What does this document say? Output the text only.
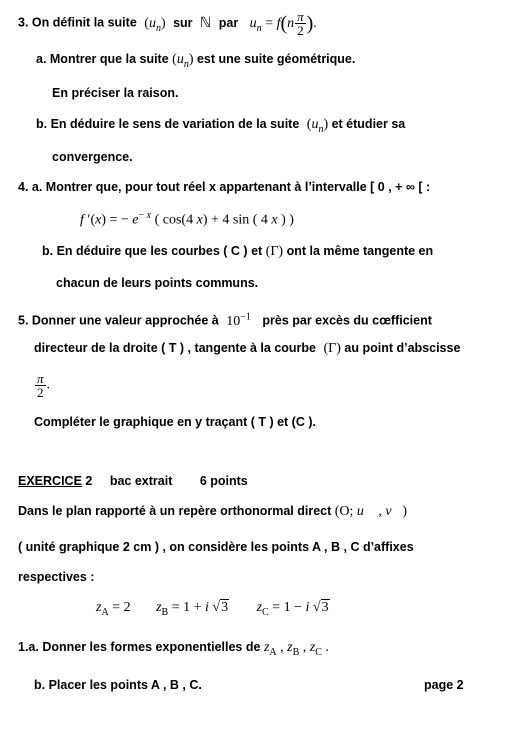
3. On définit la suite $(u_n)$ sur ℕ par $u_n = f(n \frac{\pi}{2}$ ).
a. Montrer que la suite $(u_n)$ est une suite géométrique.
En préciser la raison.
b. En déduire le sens de variation de la suite $(u_n)$ et étudier sa
convergence.
4. a. Montrer que, pour tout réel x appartenant à l’intervalle [ 0 , + ∞ [ :
f ′(x) = − $e^{- x}$ ( cos(4 x) + 4 sin ( 4 x ) )
b. En déduire que les courbes ( C ) et (Γ) ont la même tangente en
chacun de leurs points communs.
5. Donner une valeur approchée à $10^{-1}$ près par excès du cœfficient
directeur de la droite ( T ) , tangente à la courbe (Γ) au point d’abscisse
$\frac{\pi}{2}$ .
Compléter le graphique en y traçant ( T ) et (C ).
EXERCICE 2 bac extrait 6 points
Dans le plan rapporté à un repère orthonormal direct (O; u⃗ , v⃗)
( unité graphique 2 cm ) , on considère les points A , B , C d’affixes
respectives :
$z_A = 2$ $z_B = 1 + i$ √3 $z_C = 1 - i$ √3
1.a. Donner les formes exponentielles de $z_A$ , $z_B$ , $z_C$ .
b. Placer les points A , B , C.	page 2
